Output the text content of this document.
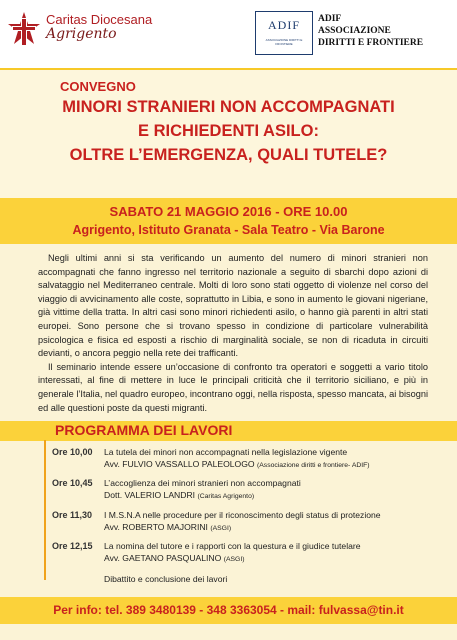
Caritas Diocesana
Agrigento
ADIF
ASSOCIAZIONE DIRITTI E FRONTIERE
ADIF
ASSOCIAZIONE
DIRITTI E FRONTIERE
CONVEGNO
MINORI STRANIERI NON ACCOMPAGNATI
E RICHIEDENTI ASILO:
OLTRE L’EMERGENZA, QUALI TUTELE?
SABATO 21 MAGGIO 2016 - ORE 10.00
Agrigento, Istituto Granata - Sala Teatro - Via Barone

Negli ultimi anni si sta verificando un aumento del numero di minori stranieri non accompagnati che fanno ingresso nel territorio nazionale a seguito di sbarchi dopo azioni di salvataggio nel Mediterraneo centrale. Molti di loro sono stati oggetto di violenze nel corso del viaggio di avvicinamento alle coste, soprattutto in Libia, e sono in aumento le giovani nigeriane, già vittime della tratta. In altri casi sono minori richiedenti asilo, o hanno già parenti in altri stati europei. Sono persone che si trovano spesso in condizione di particolare vulnerabilità psicologica e fisica ed esposti a rischio di marginalità sociale, se non di ricaduta in circuiti devianti, o ancora peggio nella rete dei trafficanti.

Il seminario intende essere un’occasione di confronto tra operatori e soggetti a vario titolo interessati, al fine di mettere in luce le principali criticità che il territorio siciliano, e più in generale l’Italia, nel quadro europeo, incontrano oggi, nella risposta, spesso mancata, ai bisogni ed alle questioni poste da questi migranti.

PROGRAMMA DEI LAVORI
Ore 10,00 La tutela dei minori non accompagnati nella legislazione vigente
Avv. FULVIO VASSALLO PALEOLOGO (Associazione diritti e frontiere- ADIF)
Ore 10,45 L’accoglienza dei minori stranieri non accompagnati
Dott. VALERIO LANDRI (Caritas Agrigento)
Ore 11,30 I M.S.N.A nelle procedure per il riconoscimento degli status di protezione
Avv. ROBERTO MAJORINI (ASGI)
Ore 12,15 La nomina del tutore e i rapporti con la questura e il giudice tutelare
Avv. GAETANO PASQUALINO (ASGI)
Dibattito e conclusione dei lavori
Per info: tel. 389 3480139 - 348 3363054 - mail: fulvassa@tin.it
